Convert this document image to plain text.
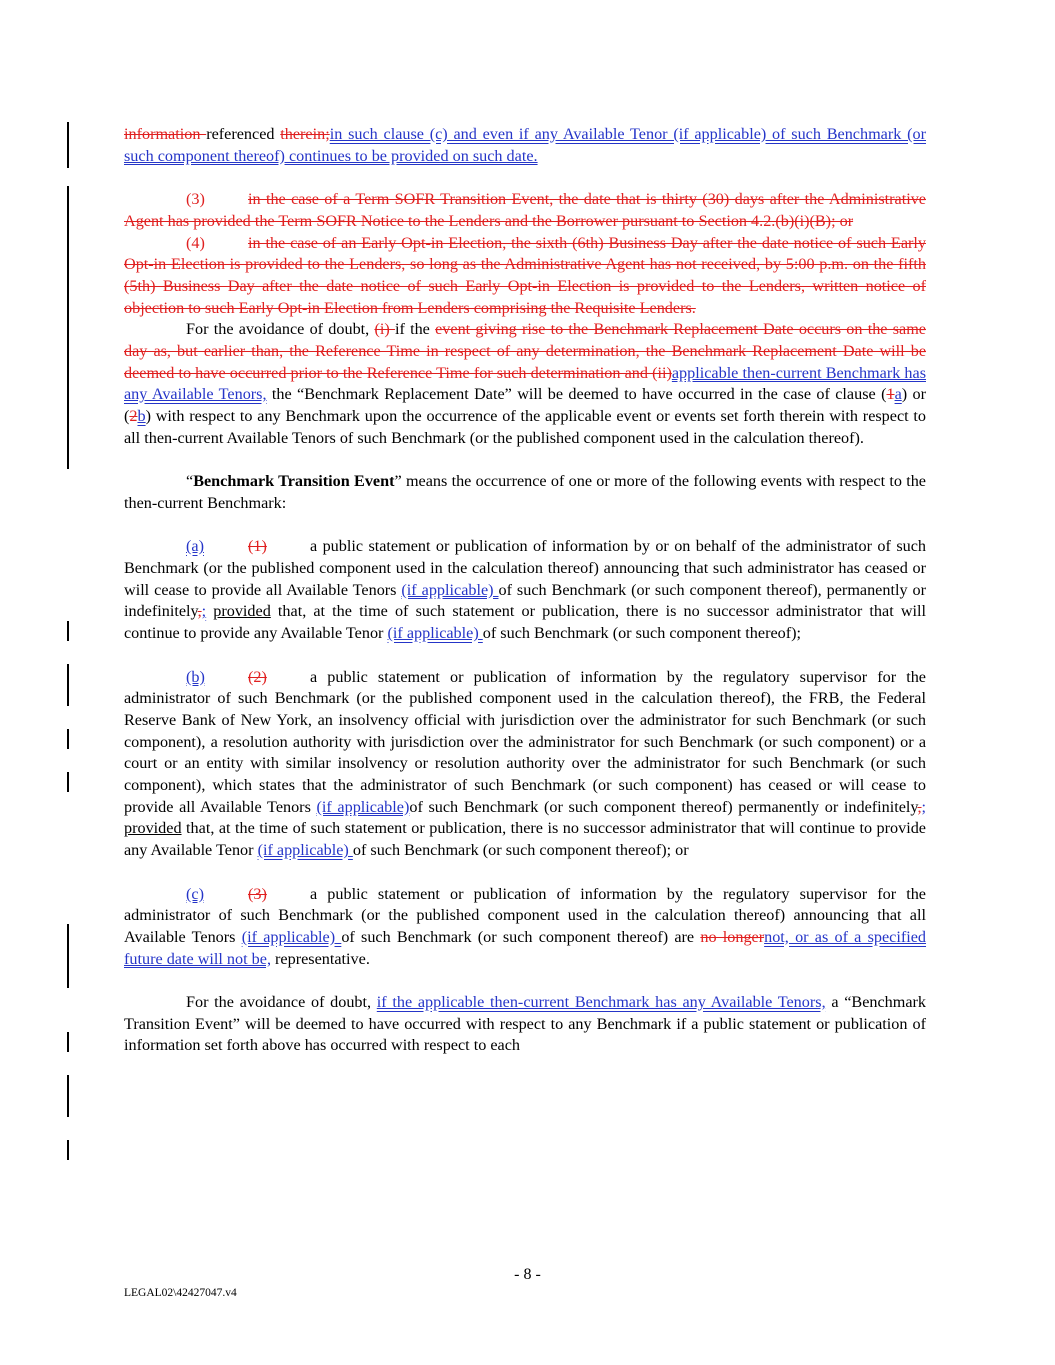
information referenced therein;in such clause (c) and even if any Available Tenor (if applicable) of such Benchmark (or such component thereof) continues to be provided on such date.

(3)	in the case of a Term SOFR Transition Event, the date that is thirty (30) days after the Administrative Agent has provided the Term SOFR Notice to the Lenders and the Borrower pursuant to Section 4.2.(b)(i)(B); or

(4)	in the case of an Early Opt-in Election, the sixth (6th) Business Day after the date notice of such Early Opt-in Election is provided to the Lenders, so long as the Administrative Agent has not received, by 5:00 p.m. on the fifth (5th) Business Day after the date notice of such Early Opt-in Election is provided to the Lenders, written notice of objection to such Early Opt-in Election from Lenders comprising the Requisite Lenders.

For the avoidance of doubt, (i) if the event giving rise to the Benchmark Replacement Date occurs on the same day as, but earlier than, the Reference Time in respect of any determination, the Benchmark Replacement Date will be deemed to have occurred prior to the Reference Time for such determination and (ii)applicable then-current Benchmark has any Available Tenors, the “Benchmark Replacement Date” will be deemed to have occurred in the case of clause (1a) or (2b) with respect to any Benchmark upon the occurrence of the applicable event or events set forth therein with respect to all then-current Available Tenors of such Benchmark (or the published component used in the calculation thereof).

“Benchmark Transition Event” means the occurrence of one or more of the following events with respect to the then-current Benchmark:

(a)	(1)	a public statement or publication of information by or on behalf of the administrator of such Benchmark (or the published component used in the calculation thereof) announcing that such administrator has ceased or will cease to provide all Available Tenors (if applicable) of such Benchmark (or such component thereof), permanently or indefinitely,; provided that, at the time of such statement or publication, there is no successor administrator that will continue to provide any Available Tenor (if applicable) of such Benchmark (or such component thereof);

(b)	(2)	a public statement or publication of information by the regulatory supervisor for the administrator of such Benchmark (or the published component used in the calculation thereof), the FRB, the Federal Reserve Bank of New York, an insolvency official with jurisdiction over the administrator for such Benchmark (or such component), a resolution authority with jurisdiction over the administrator for such Benchmark (or such component) or a court or an entity with similar insolvency or resolution authority over the administrator for such Benchmark (or such component), which states that the administrator of such Benchmark (or such component) has ceased or will cease to provide all Available Tenors (if applicable)of such Benchmark (or such component thereof) permanently or indefinitely,; provided that, at the time of such statement or publication, there is no successor administrator that will continue to provide any Available Tenor (if applicable) of such Benchmark (or such component thereof); or

(c)	(3)	a public statement or publication of information by the regulatory supervisor for the administrator of such Benchmark (or the published component used in the calculation thereof) announcing that all Available Tenors (if applicable) of such Benchmark (or such component thereof) are no longernot, or as of a specified future date will not be, representative.

For the avoidance of doubt, if the applicable then-current Benchmark has any Available Tenors, a “Benchmark Transition Event” will be deemed to have occurred with respect to any Benchmark if a public statement or publication of information set forth above has occurred with respect to each

- 8 -
LEGAL02\42427047.v4
